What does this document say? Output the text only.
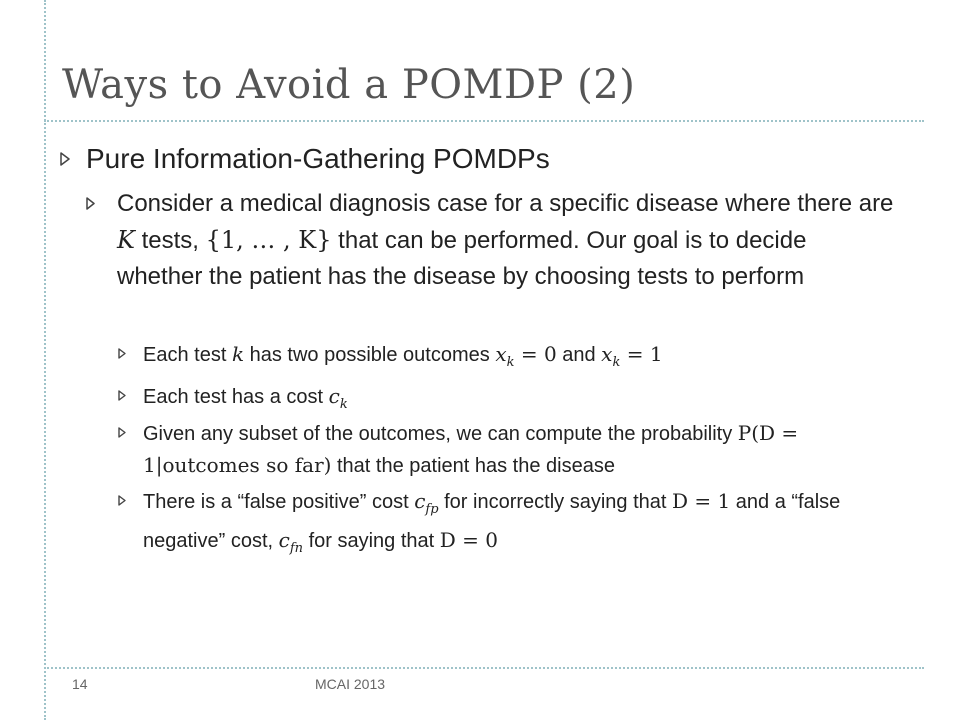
Ways to Avoid a POMDP (2)
Pure Information-Gathering POMDPs
Consider a medical diagnosis case for a specific disease where there are K tests, {1, … , K} that can be performed. Our goal is to decide whether the patient has the disease by choosing tests to perform
Each test k has two possible outcomes $x_k = 0$ and $x_k = 1$
Each test has a cost $c_k$
Given any subset of the outcomes, we can compute the probability P(D = 1|outcomes so far) that the patient has the disease
There is a “false positive” cost $c_{fp}$ for incorrectly saying that D = 1 and a “false negative” cost, $c_{fn}$ for saying that D = 0
14	MCAI 2013
